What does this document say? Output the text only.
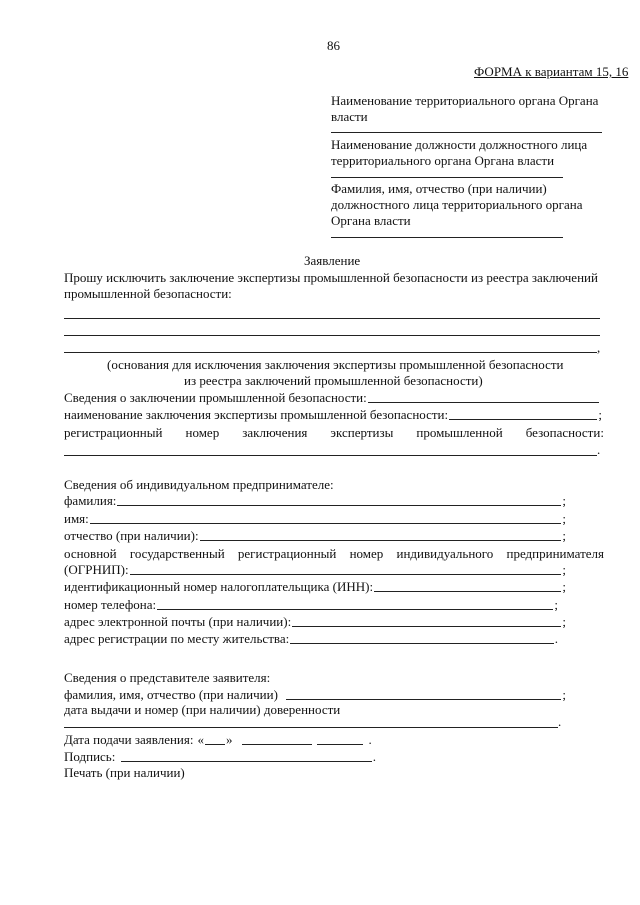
86
ФОРМА к вариантам 15, 16
Наименование территориального органа Органа
власти
Наименование должности должностного лица
территориального органа Органа власти
Фамилия, имя, отчество (при наличии)
должностного лица территориального органа
Органа власти
Заявление
Прошу исключить заключение экспертизы промышленной безопасности из реестра заключений
промышленной безопасности:
,
(основания для исключения заключения экспертизы промышленной безопасности
из реестра заключений промышленной безопасности)
Сведения о заключении промышленной безопасности:
наименование заключения экспертизы промышленной безопасности:	;
регистрационный номер заключения экспертизы промышленной безопасности:
.
Сведения об индивидуальном предпринимателе:
фамилия:	;
имя:	;
отчество (при наличии):	;
основной государственный регистрационный номер индивидуального предпринимателя
(ОГРНИП):	;
идентификационный номер налогоплательщика (ИНН):	;
номер телефона:	;
адрес электронной почты (при наличии):	;
адрес регистрации по месту жительства:	.
Сведения о представителе заявителя:
фамилия, имя, отчество (при наличии)	;
дата выдачи и номер (при наличии) доверенности
.
Дата подачи заявления: « »	.
Подпись:	.
Печать (при наличии)
